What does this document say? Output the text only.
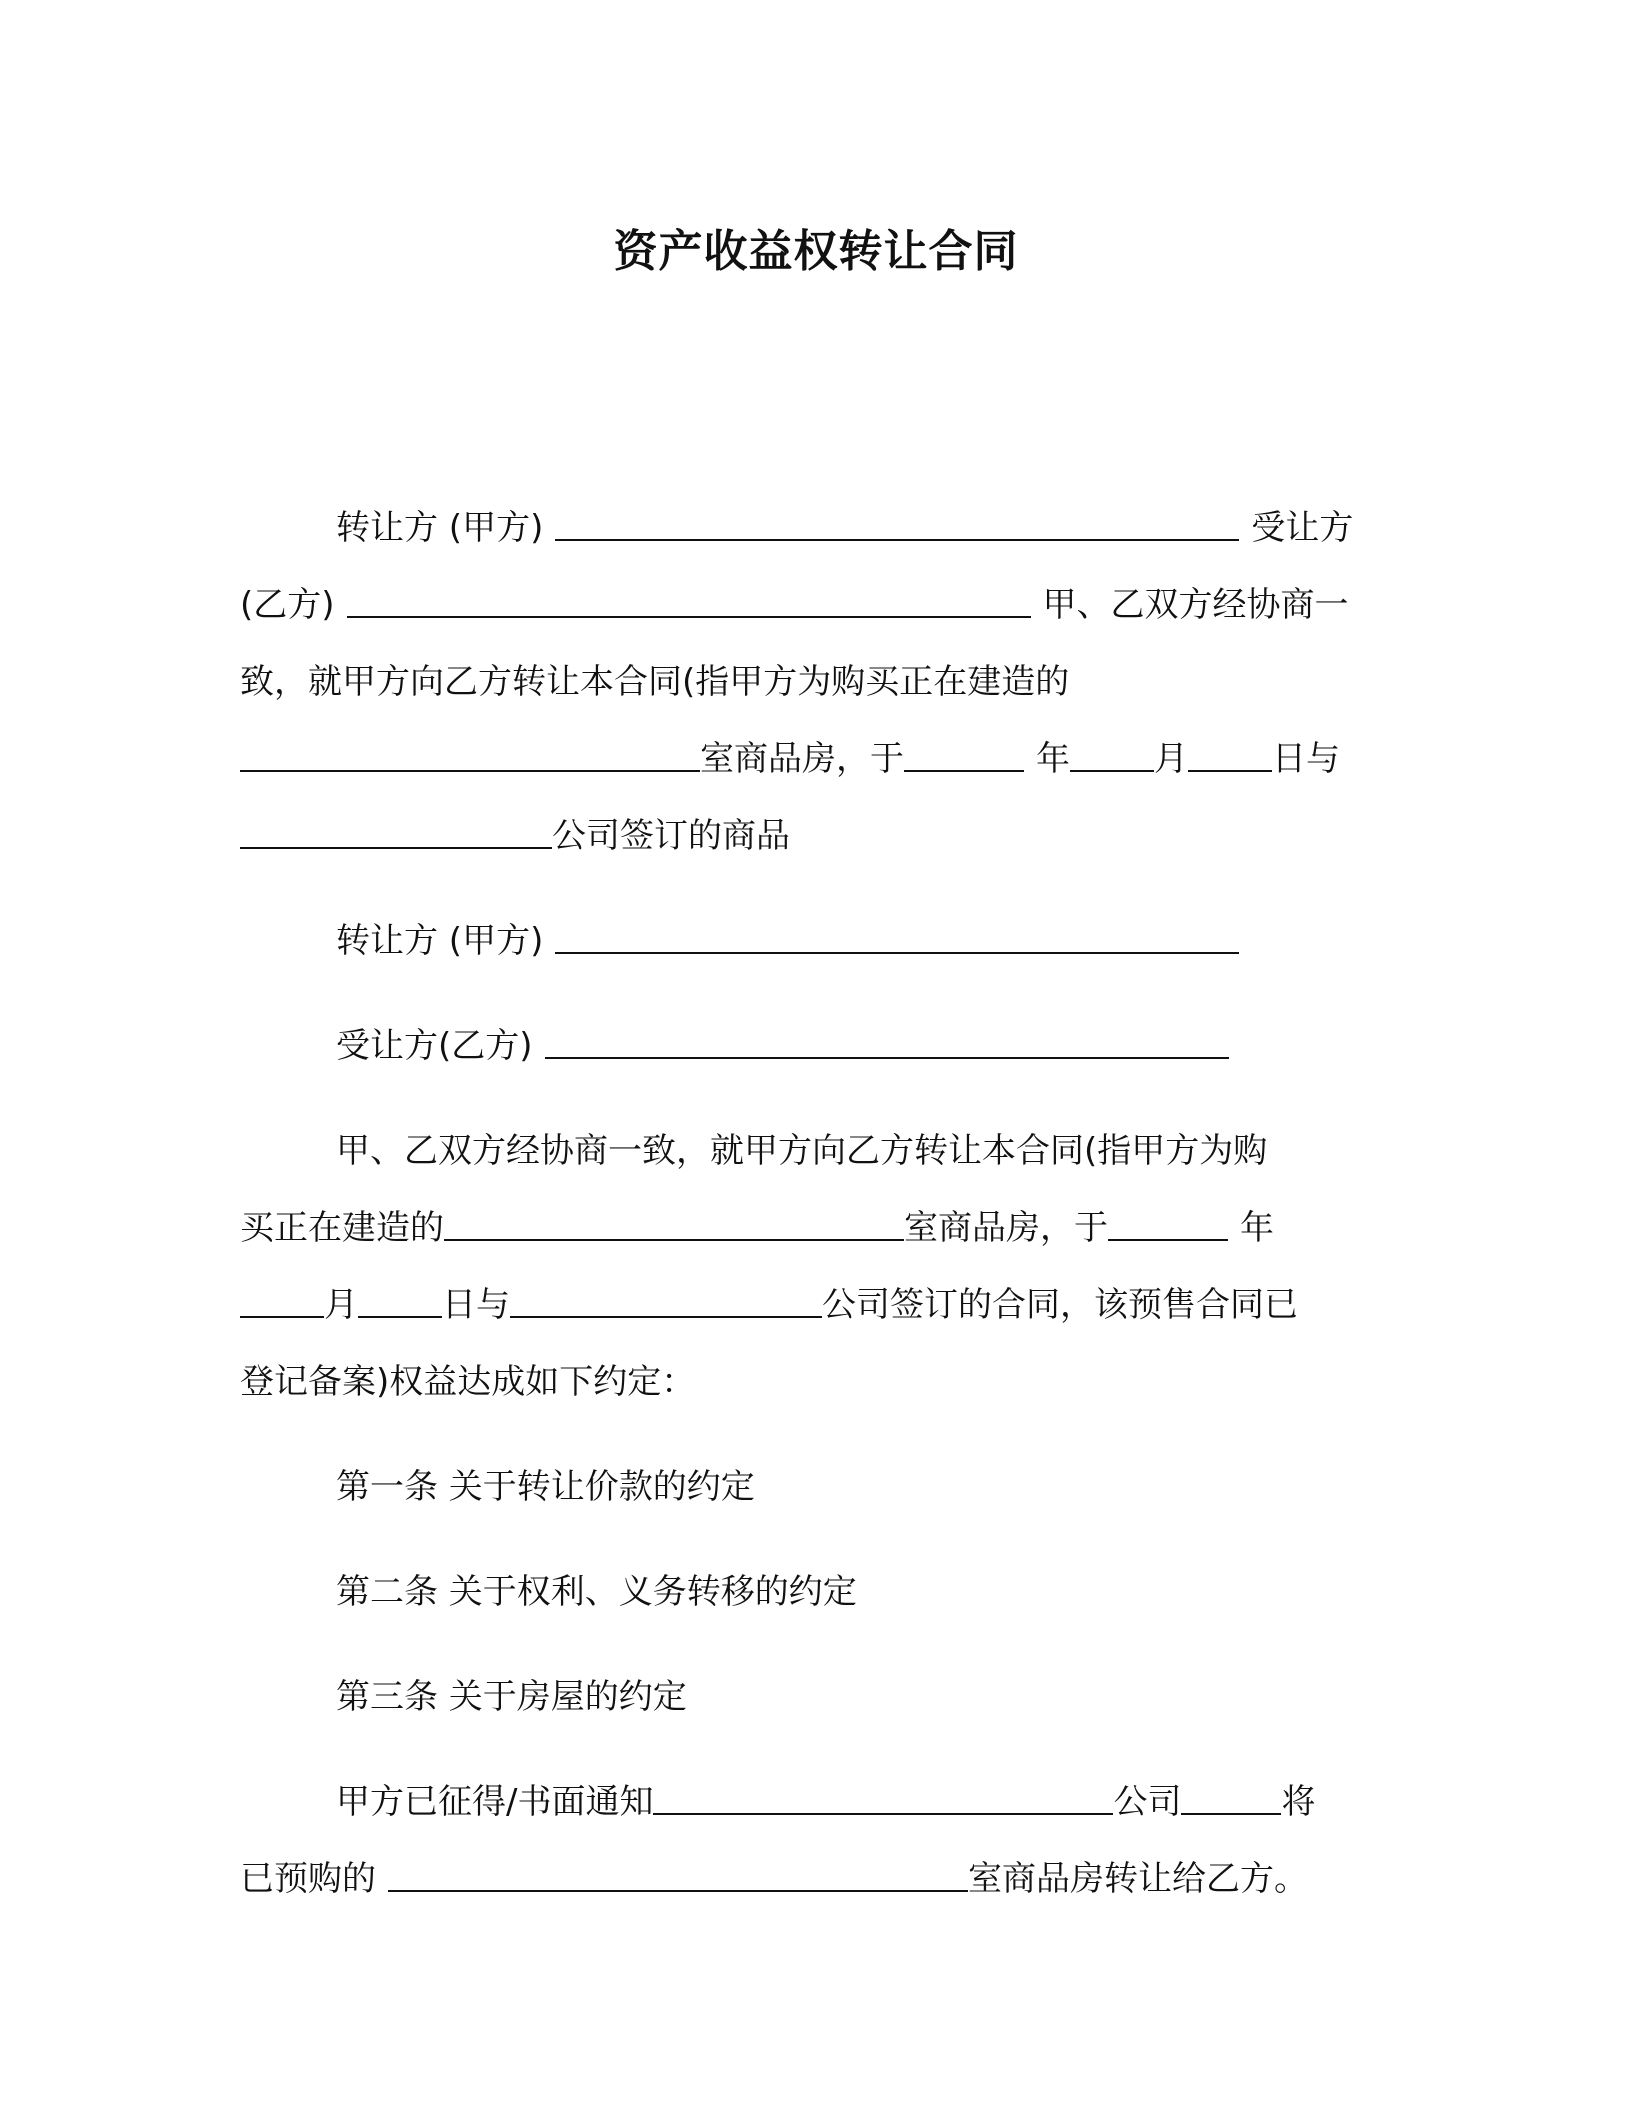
资产收益权转让合同
转让方 (甲方)	受让方
(乙方)	甲、乙双方经协商一
致，就甲方向乙方转让本合同(指甲方为购买正在建造的
室商品房，于	年 月 日与
公司签订的商品
转让方 (甲方)
受让方(乙方)
甲、乙双方经协商一致，就甲方向乙方转让本合同(指甲方为购
买正在建造的	室商品房，于	年
月 日与	公司签订的合同，该预售合同已
登记备案)权益达成如下约定：
第一条 关于转让价款的约定
第二条 关于权利、义务转移的约定
第三条 关于房屋的约定
甲方已征得/书面通知	公司	将
已预购的	室商品房转让给乙方。
